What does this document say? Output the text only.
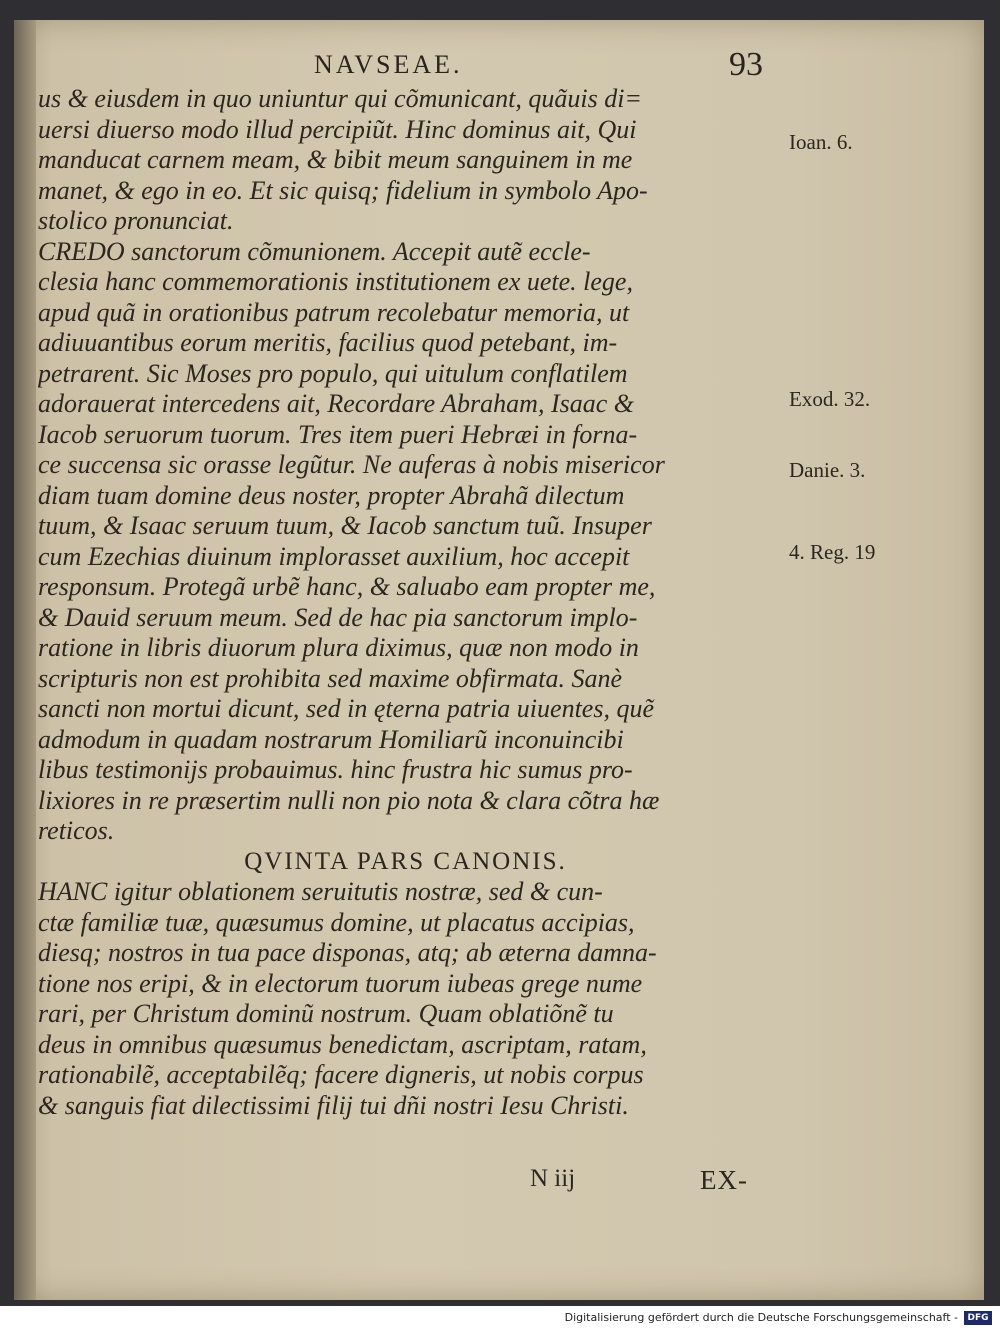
NAVSEAE.	93
us & eiusdem in quo uniuntur qui cõmunicant, quãuis di=
uersi diuerso modo illud percipiũt. Hinc dominus ait, Qui
manducat carnem meam, & bibit meum sanguinem in me
manet, & ego in eo. Et sic quisq; fidelium in symbolo Apo-
stolico pronunciat.
CREDO sanctorum cõmunionem. Accepit autẽ eccle-
clesia hanc commemorationis institutionem ex uete. lege,
apud quã in orationibus patrum recolebatur memoria, ut
adiuuantibus eorum meritis, facilius quod petebant, im-
petrarent. Sic Moses pro populo, qui uitulum conflatilem
adorauerat intercedens ait, Recordare Abraham, Isaac &
Iacob seruorum tuorum. Tres item pueri Hebræi in forna-
ce succensa sic orasse legũtur. Ne auferas à nobis misericor
diam tuam domine deus noster, propter Abrahã dilectum
tuum, & Isaac seruum tuum, & Iacob sanctum tuũ. Insuper
cum Ezechias diuinum implorasset auxilium, hoc accepit
responsum. Protegã urbẽ hanc, & saluabo eam propter me,
& Dauid seruum meum. Sed de hac pia sanctorum implo-
ratione in libris diuorum plura diximus, quæ non modo in
scripturis non est prohibita sed maxime obfirmata. Sanè
sancti non mortui dicunt, sed in ęterna patria uiuentes, quẽ
admodum in quadam nostrarum Homiliarũ inconuincibi
libus testimonijs probauimus. hinc frustra hic sumus pro-
lixiores in re præsertim nulli non pio nota & clara cõtra hæ
reticos.
QVINTA PARS CANONIS.
HANC igitur oblationem seruitutis nostræ, sed & cun-
ctæ familiæ tuæ, quæsumus domine, ut placatus accipias,
diesq; nostros in tua pace disponas, atq; ab æterna damna-
tione nos eripi, & in electorum tuorum iubeas grege nume
rari, per Christum dominũ nostrum. Quam oblatiõnẽ tu
deus in omnibus quæsumus benedictam, ascriptam, ratam,
rationabilẽ, acceptabilẽq; facere digneris, ut nobis corpus
& sanguis fiat dilectissimi filij tui dñi nostri Iesu Christi.
Ioan. 6.
Exod. 32.
Danie. 3.
4. Reg. 19
N iij	EX-
Digitalisierung gefördert durch die Deutsche Forschungsgemeinschaft -	DFG
